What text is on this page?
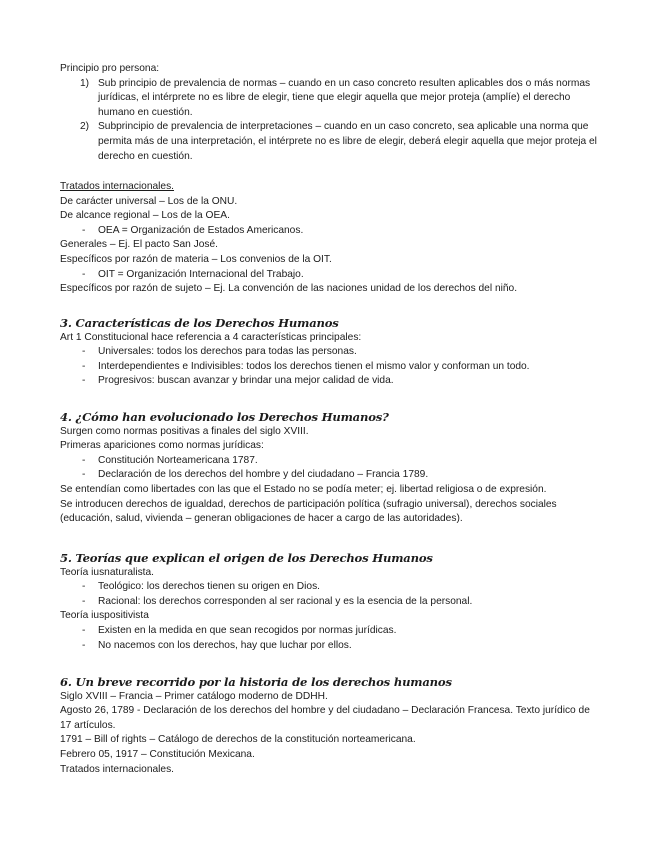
Principio pro persona:

1) Sub principio de prevalencia de normas – cuando en un caso concreto resulten aplicables dos o más normas jurídicas, el intérprete no es libre de elegir, tiene que elegir aquella que mejor proteja (amplíe) el derecho humano en cuestión.
2) Subprincipio de prevalencia de interpretaciones – cuando en un caso concreto, sea aplicable una norma que permita más de una interpretación, el intérprete no es libre de elegir, deberá elegir aquella que mejor proteja el derecho en cuestión.

Tratados internacionales.

De carácter universal – Los de la ONU.

De alcance regional – Los de la OEA.

- OEA = Organización de Estados Americanos.

Generales – Ej. El pacto San José.

Específicos por razón de materia – Los convenios de la OIT.

- OIT = Organización Internacional del Trabajo.

Específicos por razón de sujeto – Ej. La convención de las naciones unidad de los derechos del niño.

3. Características de los Derechos Humanos

Art 1 Constitucional hace referencia a 4 características principales:

- Universales: todos los derechos para todas las personas.
- Interdependientes e Indivisibles: todos los derechos tienen el mismo valor y conforman un todo.
- Progresivos: buscan avanzar y brindar una mejor calidad de vida.

4. ¿Cómo han evolucionado los Derechos Humanos?

Surgen como normas positivas a finales del siglo XVIII.

Primeras apariciones como normas jurídicas:

- Constitución Norteamericana 1787.
- Declaración de los derechos del hombre y del ciudadano – Francia 1789.

Se entendían como libertades con las que el Estado no se podía meter; ej. libertad religiosa o de expresión.

Se introducen derechos de igualdad, derechos de participación política (sufragio universal), derechos sociales (educación, salud, vivienda – generan obligaciones de hacer a cargo de las autoridades).

5. Teorías que explican el origen de los Derechos Humanos

Teoría iusnaturalista.

- Teológico: los derechos tienen su origen en Dios.
- Racional: los derechos corresponden al ser racional y es la esencia de la personal.

Teoría iuspositivista

- Existen en la medida en que sean recogidos por normas jurídicas.
- No nacemos con los derechos, hay que luchar por ellos.

6. Un breve recorrido por la historia de los derechos humanos

Siglo XVIII – Francia – Primer catálogo moderno de DDHH.

Agosto 26, 1789 - Declaración de los derechos del hombre y del ciudadano – Declaración Francesa. Texto jurídico de 17 artículos.

1791 – Bill of rights – Catálogo de derechos de la constitución norteamericana.

Febrero 05, 1917 – Constitución Mexicana.

Tratados internacionales.
